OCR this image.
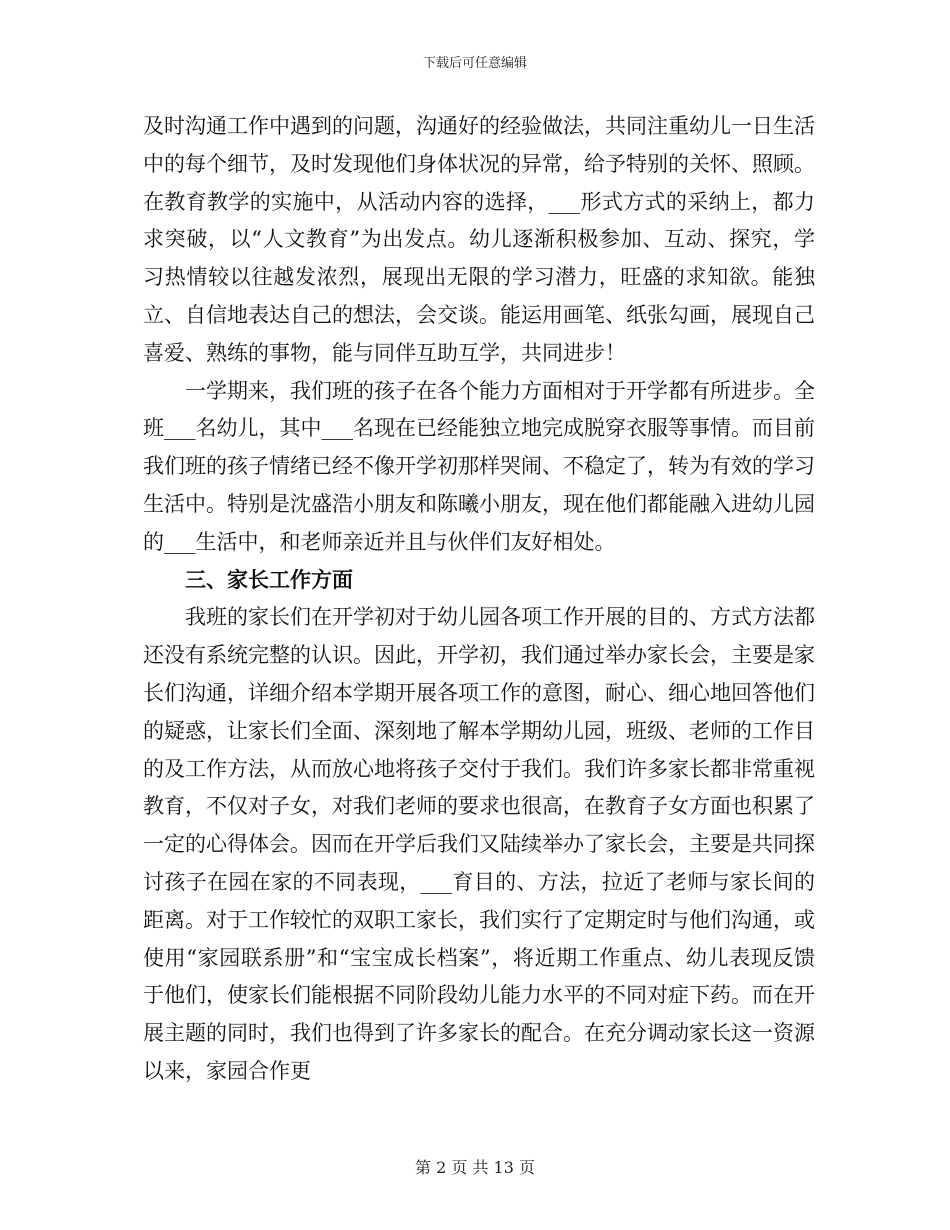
下载后可任意编辑

及时沟通工作中遇到的问题，沟通好的经验做法，共同注重幼儿一日生活中的每个细节，及时发现他们身体状况的异常，给予特别的关怀、照顾。在教育教学的实施中，从活动内容的选择，___形式方式的采纳上，都力求突破，以“人文教育”为出发点。幼儿逐渐积极参加、互动、探究，学习热情较以往越发浓烈，展现出无限的学习潜力，旺盛的求知欲。能独立、自信地表达自己的想法，会交谈。能运用画笔、纸张勾画，展现自己喜爱、熟练的事物，能与同伴互助互学，共同进步！

一学期来，我们班的孩子在各个能力方面相对于开学都有所进步。全班___名幼儿，其中___名现在已经能独立地完成脱穿衣服等事情。而目前我们班的孩子情绪已经不像开学初那样哭闹、不稳定了，转为有效的学习生活中。特别是沈盛浩小朋友和陈曦小朋友，现在他们都能融入进幼儿园的___生活中，和老师亲近并且与伙伴们友好相处。

三、家长工作方面

我班的家长们在开学初对于幼儿园各项工作开展的目的、方式方法都还没有系统完整的认识。因此，开学初，我们通过举办家长会，主要是家长们沟通，详细介绍本学期开展各项工作的意图，耐心、细心地回答他们的疑惑，让家长们全面、深刻地了解本学期幼儿园，班级、老师的工作目的及工作方法，从而放心地将孩子交付于我们。我们许多家长都非常重视教育，不仅对子女，对我们老师的要求也很高，在教育子女方面也积累了一定的心得体会。因而在开学后我们又陆续举办了家长会，主要是共同探讨孩子在园在家的不同表现，___育目的、方法，拉近了老师与家长间的距离。对于工作较忙的双职工家长，我们实行了定期定时与他们沟通，或使用“家园联系册”和“宝宝成长档案”，将近期工作重点、幼儿表现反馈于他们，使家长们能根据不同阶段幼儿能力水平的不同对症下药。而在开展主题的同时，我们也得到了许多家长的配合。在充分调动家长这一资源以来，家园合作更

第 2 页 共 13 页
